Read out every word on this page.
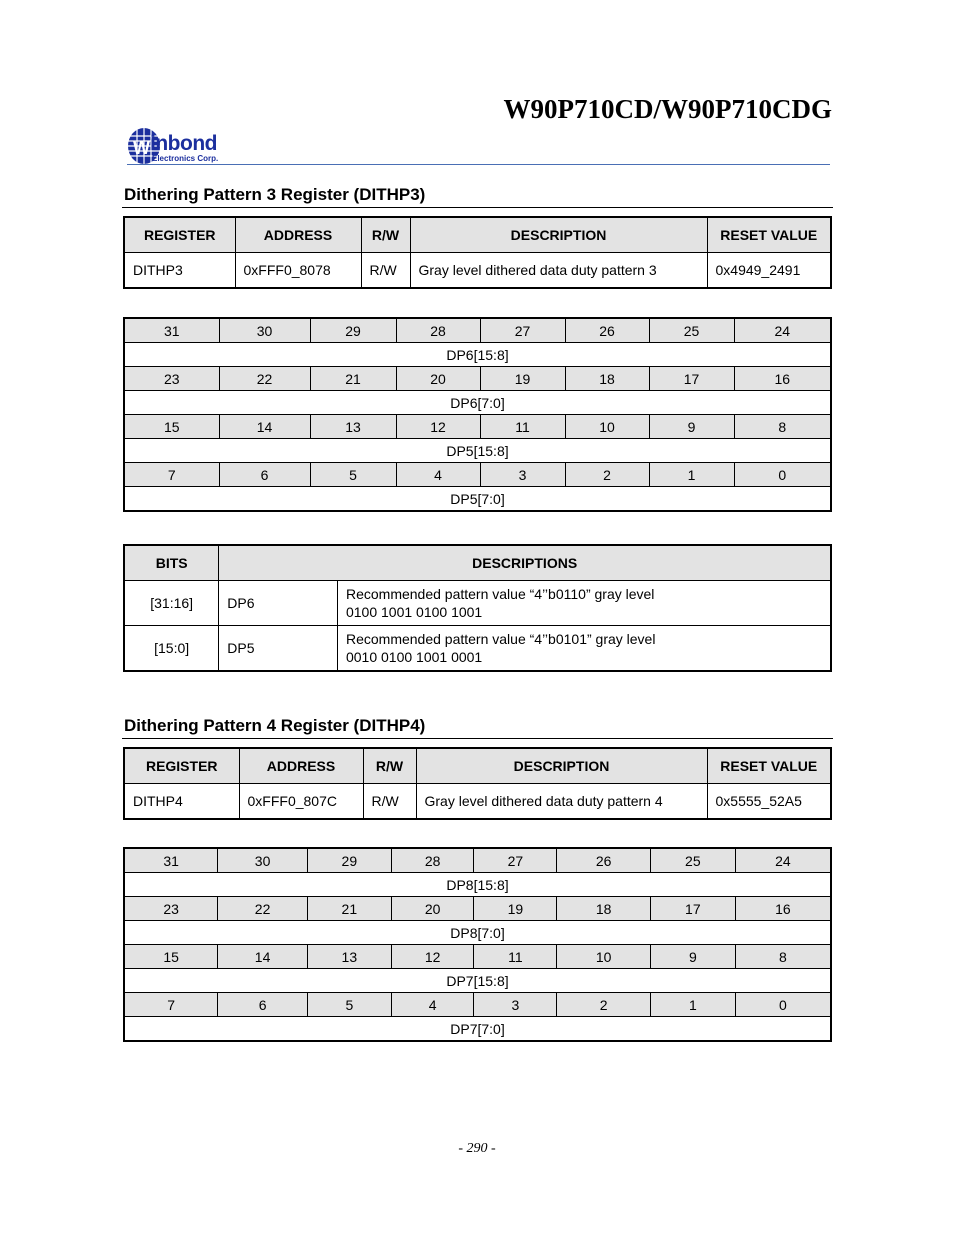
W90P710CD/W90P710CDG
W inbond
Electronics Corp.
Dithering Pattern 3 Register (DITHP3)
REGISTER	ADDRESS	R/W	DESCRIPTION	RESET VALUE
DITHP3	0xFFF0_8078	R/W	Gray level dithered data duty pattern 3	0x4949_2491
31	30	29	28	27	26	25	24
DP6[15:8]							
23	22	21	20	19	18	17	16
DP6[7:0]							
15	14	13	12	11	10	9	8
DP5[15:8]							
7	6	5	4	3	2	1	0
DP5[7:0]							
BITS	DESCRIPTIONS	
[31:16]	DP6	Recommended pattern value “4’’b0110” gray level
0100 1001 0100 1001

[15:0]	DP5	Recommended pattern value “4’’b0101” gray level
0010 0100 1001 0001
Dithering Pattern 4 Register (DITHP4)
REGISTER	ADDRESS	R/W	DESCRIPTION	RESET VALUE
DITHP4	0xFFF0_807C	R/W	Gray level dithered data duty pattern 4	0x5555_52A5
31	30	29	28	27	26	25	24
DP8[15:8]							
23	22	21	20	19	18	17	16
DP8[7:0]							
15	14	13	12	11	10	9	8
DP7[15:8]							
7	6	5	4	3	2	1	0
DP7[7:0]							
- 290 -
